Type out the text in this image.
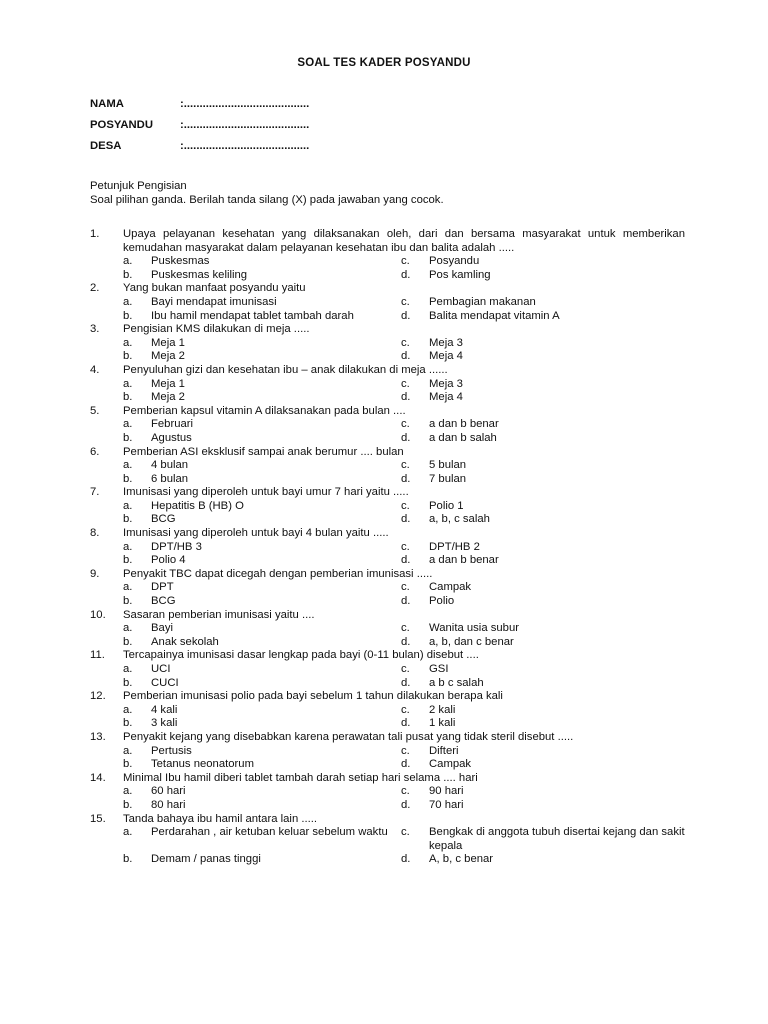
SOAL TES KADER POSYANDU
NAMA	:........................................
POSYANDU	:........................................
DESA	:........................................
Petunjuk Pengisian
Soal pilihan ganda. Berilah tanda silang (X) pada jawaban yang cocok.
1.	Upaya pelayanan kesehatan yang dilaksanakan oleh, dari dan bersama masyarakat untuk memberikan kemudahan masyarakat dalam pelayanan kesehatan ibu dan balita adalah .....
a.	Puskesmas	c.	Posyandu
b.	Puskesmas keliling	d.	Pos kamling
2.	Yang bukan manfaat posyandu yaitu
a.	Bayi mendapat imunisasi	c.	Pembagian makanan
b.	Ibu hamil mendapat tablet tambah darah	d.	Balita mendapat vitamin A
3.	Pengisian KMS dilakukan di meja .....
a.	Meja 1	c.	Meja 3
b.	Meja 2	d.	Meja 4
4.	Penyuluhan gizi dan kesehatan ibu – anak dilakukan di meja ......
a.	Meja 1	c.	Meja 3
b.	Meja 2	d.	Meja 4
5.	Pemberian kapsul vitamin A dilaksanakan pada bulan ....
a.	Februari	c.	a dan b benar
b.	Agustus	d.	a dan b salah
6.	Pemberian ASI eksklusif sampai anak berumur .... bulan
a.	4 bulan	c.	5 bulan
b.	6 bulan	d.	7 bulan
7.	Imunisasi yang diperoleh untuk bayi umur 7 hari yaitu .....
a.	Hepatitis B (HB) O	c.	Polio 1
b.	BCG	d.	a, b, c salah
8.	Imunisasi yang diperoleh untuk bayi 4 bulan yaitu .....
a.	DPT/HB 3	c.	DPT/HB 2
b.	Polio 4	d.	a dan b benar
9.	Penyakit TBC dapat dicegah dengan pemberian imunisasi .....
a.	DPT	c.	Campak
b.	BCG	d.	Polio
10.	Sasaran pemberian imunisasi yaitu ....
a.	Bayi	c.	Wanita usia subur
b.	Anak sekolah	d.	a, b, dan c benar
11.	Tercapainya imunisasi dasar lengkap pada bayi (0-11 bulan) disebut ....
a.	UCI	c.	GSI
b.	CUCI	d.	a b c salah
12.	Pemberian imunisasi polio pada bayi sebelum 1 tahun dilakukan berapa kali
a.	4 kali	c.	2 kali
b.	3 kali	d.	1 kali
13.	Penyakit kejang yang disebabkan karena perawatan tali pusat yang tidak steril disebut .....
a.	Pertusis	c.	Difteri
b.	Tetanus neonatorum	d.	Campak
14.	Minimal Ibu hamil diberi tablet tambah darah setiap hari selama .... hari
a.	60 hari	c.	90 hari
b.	80 hari	d.	70 hari
15.	Tanda bahaya ibu hamil antara lain .....
a.	Perdarahan , air ketuban keluar sebelum waktu	c.	Bengkak di anggota tubuh disertai kejang dan sakit kepala
b.	Demam / panas tinggi	d.	A, b, c benar
